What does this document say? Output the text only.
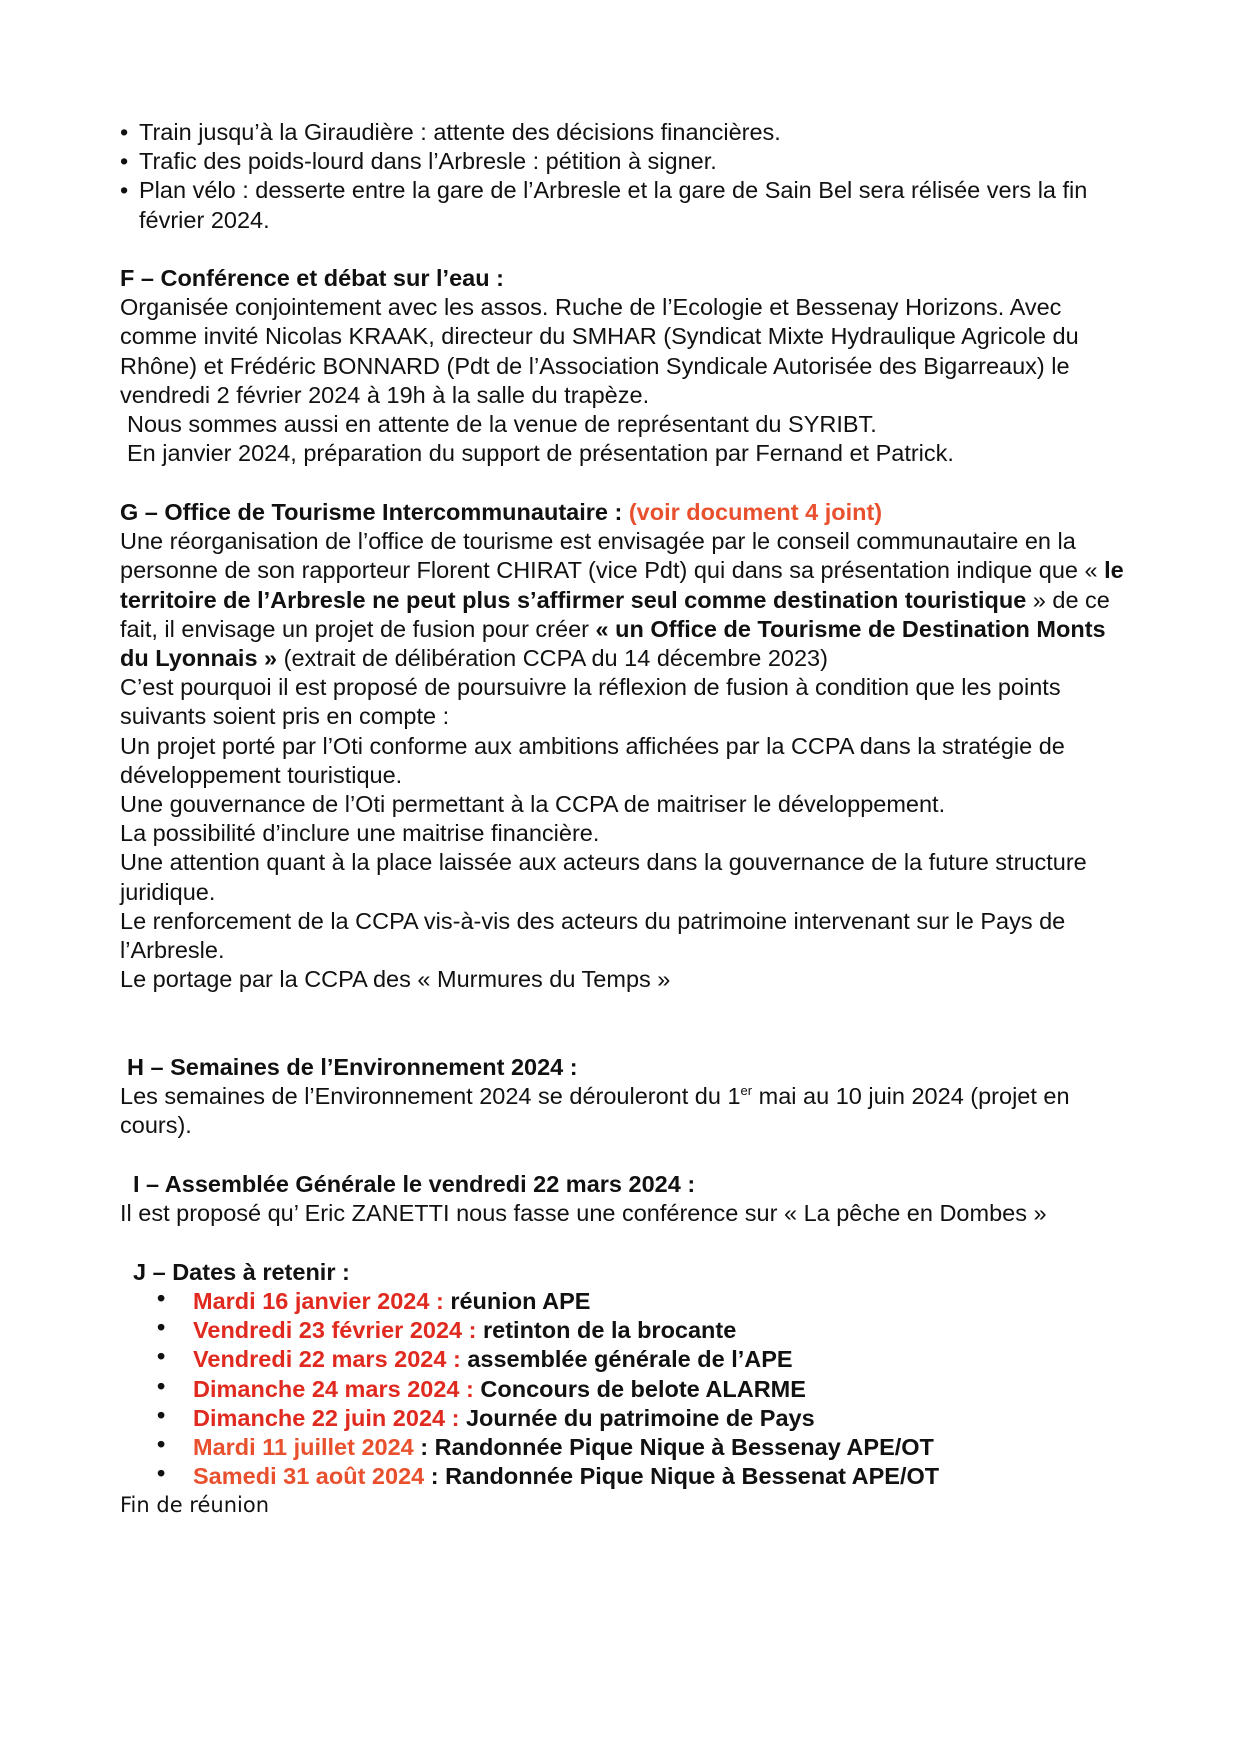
• Train jusqu’à la Giraudière : attente des décisions financières.
• Trafic des poids-lourd dans l’Arbresle : pétition à signer.
• Plan vélo : desserte entre la gare de l’Arbresle et la gare de Sain Bel sera rélisée vers la fin février 2024.
F – Conférence et débat sur l’eau :
Organisée conjointement avec les assos. Ruche de l’Ecologie et Bessenay Horizons. Avec comme invité Nicolas KRAAK, directeur du SMHAR (Syndicat Mixte Hydraulique Agricole du Rhône) et Frédéric BONNARD (Pdt de l’Association Syndicale Autorisée des Bigarreaux) le vendredi 2 février 2024 à 19h à la salle du trapèze.
Nous sommes aussi en attente de la venue de représentant du SYRIBT.
En janvier 2024, préparation du support de présentation par Fernand et Patrick.
G – Office de Tourisme Intercommunautaire : (voir document 4 joint)
Une réorganisation de l’office de tourisme est envisagée par le conseil communautaire en la personne de son rapporteur Florent CHIRAT (vice Pdt) qui dans sa présentation indique que « le territoire de l’Arbresle ne peut plus s’affirmer seul comme destination touristique » de ce fait, il envisage un projet de fusion pour créer « un Office de Tourisme de Destination Monts du Lyonnais » (extrait de délibération CCPA du 14 décembre 2023)
C’est pourquoi il est proposé de poursuivre la réflexion de fusion à condition que les points suivants soient pris en compte :
Un projet porté par l’Oti conforme aux ambitions affichées par la CCPA dans la stratégie de développement touristique.
Une gouvernance de l’Oti permettant à la CCPA de maitriser le développement.
La possibilité d’inclure une maitrise financière.
Une attention quant à la place laissée aux acteurs dans la gouvernance de la future structure juridique.
Le renforcement de la CCPA vis-à-vis des acteurs du patrimoine intervenant sur le Pays de l’Arbresle.
Le portage par la CCPA des « Murmures du Temps »
H – Semaines de l’Environnement 2024 :
Les semaines de l’Environnement 2024 se dérouleront du 1er mai au 10 juin 2024 (projet en cours).
I – Assemblée Générale le vendredi 22 mars 2024 :
Il est proposé qu’ Eric ZANETTI nous fasse une conférence sur « La pêche en Dombes »
J – Dates à retenir :
• Mardi 16 janvier 2024 : réunion APE
• Vendredi 23 février 2024 : retinton de la brocante
• Vendredi 22 mars 2024 : assemblée générale de l’APE
• Dimanche 24 mars 2024 : Concours de belote ALARME
• Dimanche 22 juin 2024 : Journée du patrimoine de Pays
• Mardi 11 juillet 2024 : Randonnée Pique Nique à Bessenay APE/OT
• Samedi 31 août 2024 : Randonnée Pique Nique à Bessenat APE/OT
Fin de réunion
